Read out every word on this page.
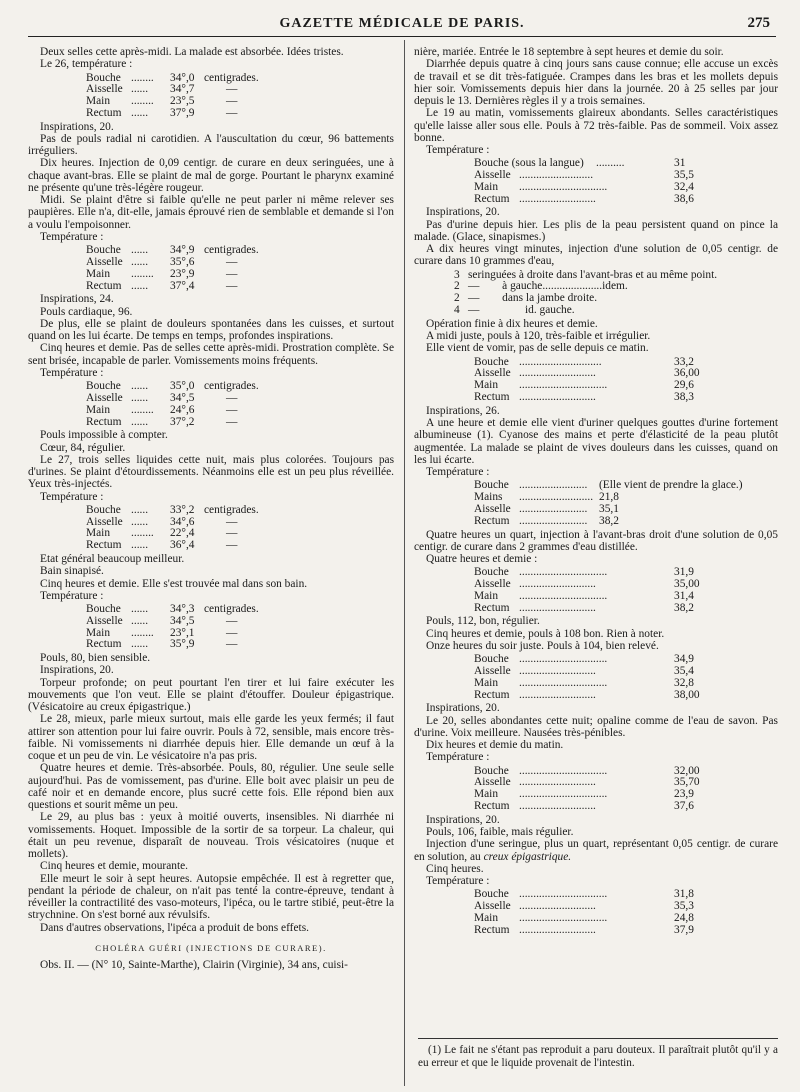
GAZETTE MÉDICALE DE PARIS.	275

Deux selles cette après-midi. La malade est absorbée. Idées tristes.

Le 26, température :

Bouche ........ 34°,0 centigrades.
Aisselle ...... 34°,7	—
Main ........ 23°,5	—
Rectum ...... 37°,9	—

Inspirations, 20.

Pas de pouls radial ni carotidien. A l'auscultation du cœur, 96 battements irréguliers.

Dix heures. Injection de 0,09 centigr. de curare en deux seringuées, une à chaque avant-bras. Elle se plaint de mal de gorge. Pourtant le pharynx examiné ne présente qu'une très-légère rougeur.

Midi. Se plaint d'être si faible qu'elle ne peut parler ni même relever ses paupières. Elle n'a, dit-elle, jamais éprouvé rien de semblable et demande si l'on a voulu l'empoisonner.

Température :

Bouche ...... 34°,9 centigrades.
Aisselle ...... 35°,6	—
Main ........ 23°,9	—
Rectum ...... 37°,4	—

Inspirations, 24.

Pouls cardiaque, 96.

De plus, elle se plaint de douleurs spontanées dans les cuisses, et surtout quand on les lui écarte. De temps en temps, profondes inspirations.

Cinq heures et demie. Pas de selles cette après-midi. Prostration complète. Se sent brisée, incapable de parler. Vomissements moins fréquents.

Température :

Bouche ...... 35°,0 centigrades.
Aisselle ...... 34°,5	—
Main ........ 24°,6	—
Rectum ...... 37°,2	—

Pouls impossible à compter.

Cœur, 84, régulier.

Le 27, trois selles liquides cette nuit, mais plus colorées. Toujours pas d'urines. Se plaint d'étourdissements. Néanmoins elle est un peu plus réveillée. Yeux très-injectés.

Température :

Bouche ...... 33°,2 centigrades.
Aisselle ...... 34°,6	—
Main ........ 22°,4	—
Rectum ...... 36°,4	—

Etat général beaucoup meilleur.

Bain sinapisé.

Cinq heures et demie. Elle s'est trouvée mal dans son bain.

Température :

Bouche ...... 34°,3 centigrades.
Aisselle ...... 34°,5	—
Main ........ 23°,1	—
Rectum ...... 35°,9	—

Pouls, 80, bien sensible.

Inspirations, 20.

Torpeur profonde; on peut pourtant l'en tirer et lui faire exécuter les mouvements que l'on veut. Elle se plaint d'étouffer. Douleur épigastrique. (Vésicatoire au creux épigastrique.)

Le 28, mieux, parle mieux surtout, mais elle garde les yeux fermés; il faut attirer son attention pour lui faire ouvrir. Pouls à 72, sensible, mais encore très-faible. Ni vomissements ni diarrhée depuis hier. Elle demande un œuf à la coque et un peu de vin. Le vésicatoire n'a pas pris.

Quatre heures et demie. Très-absorbée. Pouls, 80, régulier. Une seule selle aujourd'hui. Pas de vomissement, pas d'urine. Elle boit avec plaisir un peu de café noir et en demande encore, plus sucré cette fois. Elle répond bien aux questions et sourit même un peu.

Le 29, au plus bas : yeux à moitié ouverts, insensibles. Ni diarrhée ni vomissements. Hoquet. Impossible de la sortir de sa torpeur. La chaleur, qui était un peu revenue, disparaît de nouveau. Trois vésicatoires (nuque et mollets).

Cinq heures et demie, mourante.

Elle meurt le soir à sept heures. Autopsie empêchée. Il est à regretter que, pendant la période de chaleur, on n'ait pas tenté la contre-épreuve, tendant à réveiller la contractilité des vaso-moteurs, l'ipéca, ou le tartre stibié, peut-être la strychnine. On s'est borné aux révulsifs.

Dans d'autres observations, l'ipéca a produit de bons effets.

CHOLÉRA GUÉRI (INJECTIONS DE CURARE).

Obs. II. — (N° 10, Sainte-Marthe), Clairin (Virginie), 34 ans, cuisi-

nière, mariée. Entrée le 18 septembre à sept heures et demie du soir.

Diarrhée depuis quatre à cinq jours sans cause connue; elle accuse un excès de travail et se dit très-fatiguée. Crampes dans les bras et les mollets depuis hier soir. Vomissements depuis hier dans la journée. 20 à 25 selles par jour depuis le 13. Dernières règles il y a trois semaines.

Le 19 au matin, vomissements glaireux abondants. Selles caractéristiques qu'elle laisse aller sous elle. Pouls à 72 très-faible. Pas de sommeil. Voix assez bonne.

Température :

Bouche (sous la langue) ..........	31
Aisselle ..........................	35,5
Main ...............................	32,4
Rectum ...........................	38,6

Inspirations, 20.

Pas d'urine depuis hier. Les plis de la peau persistent quand on pince la malade. (Glace, sinapismes.)

A dix heures vingt minutes, injection d'une solution de 0,05 centigr. de curare dans 10 grammes d'eau,

3 seringuées à droite dans l'avant-bras et au même point.
2 —        à gauche.....................idem.
2 —        dans la jambe droite.
4 —                id. gauche.

Opération finie à dix heures et demie.

A midi juste, pouls à 120, très-faible et irrégulier.

Elle vient de vomir, pas de selle depuis ce matin.

Bouche .............................	33,2
Aisselle ...........................	36,00
Main ...............................	29,6
Rectum ...........................	38,3

Inspirations, 26.

A une heure et demie elle vient d'uriner quelques gouttes d'urine fortement albumineuse (1). Cyanose des mains et perte d'élasticité de la peau plutôt augmentée. La malade se plaint de vives douleurs dans les cuisses, quand on les lui écarte.

Température :

Bouche ........................ (Elle vient de prendre la glace.)
Mains .......................... 21,8
Aisselle ........................ 35,1
Rectum ........................ 38,2

Quatre heures un quart, injection à l'avant-bras droit d'une solution de 0,05 centigr. de curare dans 2 grammes d'eau distillée.

Quatre heures et demie :

Bouche ...............................	31,9
Aisselle ...........................	35,00
Main ...............................	31,4
Rectum ...........................	38,2

Pouls, 112, bon, régulier.

Cinq heures et demie, pouls à 108 bon. Rien à noter.

Onze heures du soir juste. Pouls à 104, bien relevé.

Bouche ...............................	34,9
Aisselle ...........................	35,4
Main ...............................	32,8
Rectum ...........................	38,00

Inspirations, 20.

Le 20, selles abondantes cette nuit; opaline comme de l'eau de savon. Pas d'urine. Voix meilleure. Nausées très-pénibles.

Dix heures et demie du matin.

Température :

Bouche ...............................	32,00
Aisselle ...........................	35,70
Main ...............................	23,9
Rectum ...........................	37,6

Inspirations, 20.

Pouls, 106, faible, mais régulier.

Injection d'une seringue, plus un quart, représentant 0,05 centigr. de curare en solution, au creux épigastrique.

Cinq heures.

Température :

Bouche ...............................	31,8
Aisselle ...........................	35,3
Main ...............................	24,8
Rectum ...........................	37,9

(1) Le fait ne s'étant pas reproduit a paru douteux. Il paraîtrait plutôt qu'il y a eu erreur et que le liquide provenait de l'intestin.
